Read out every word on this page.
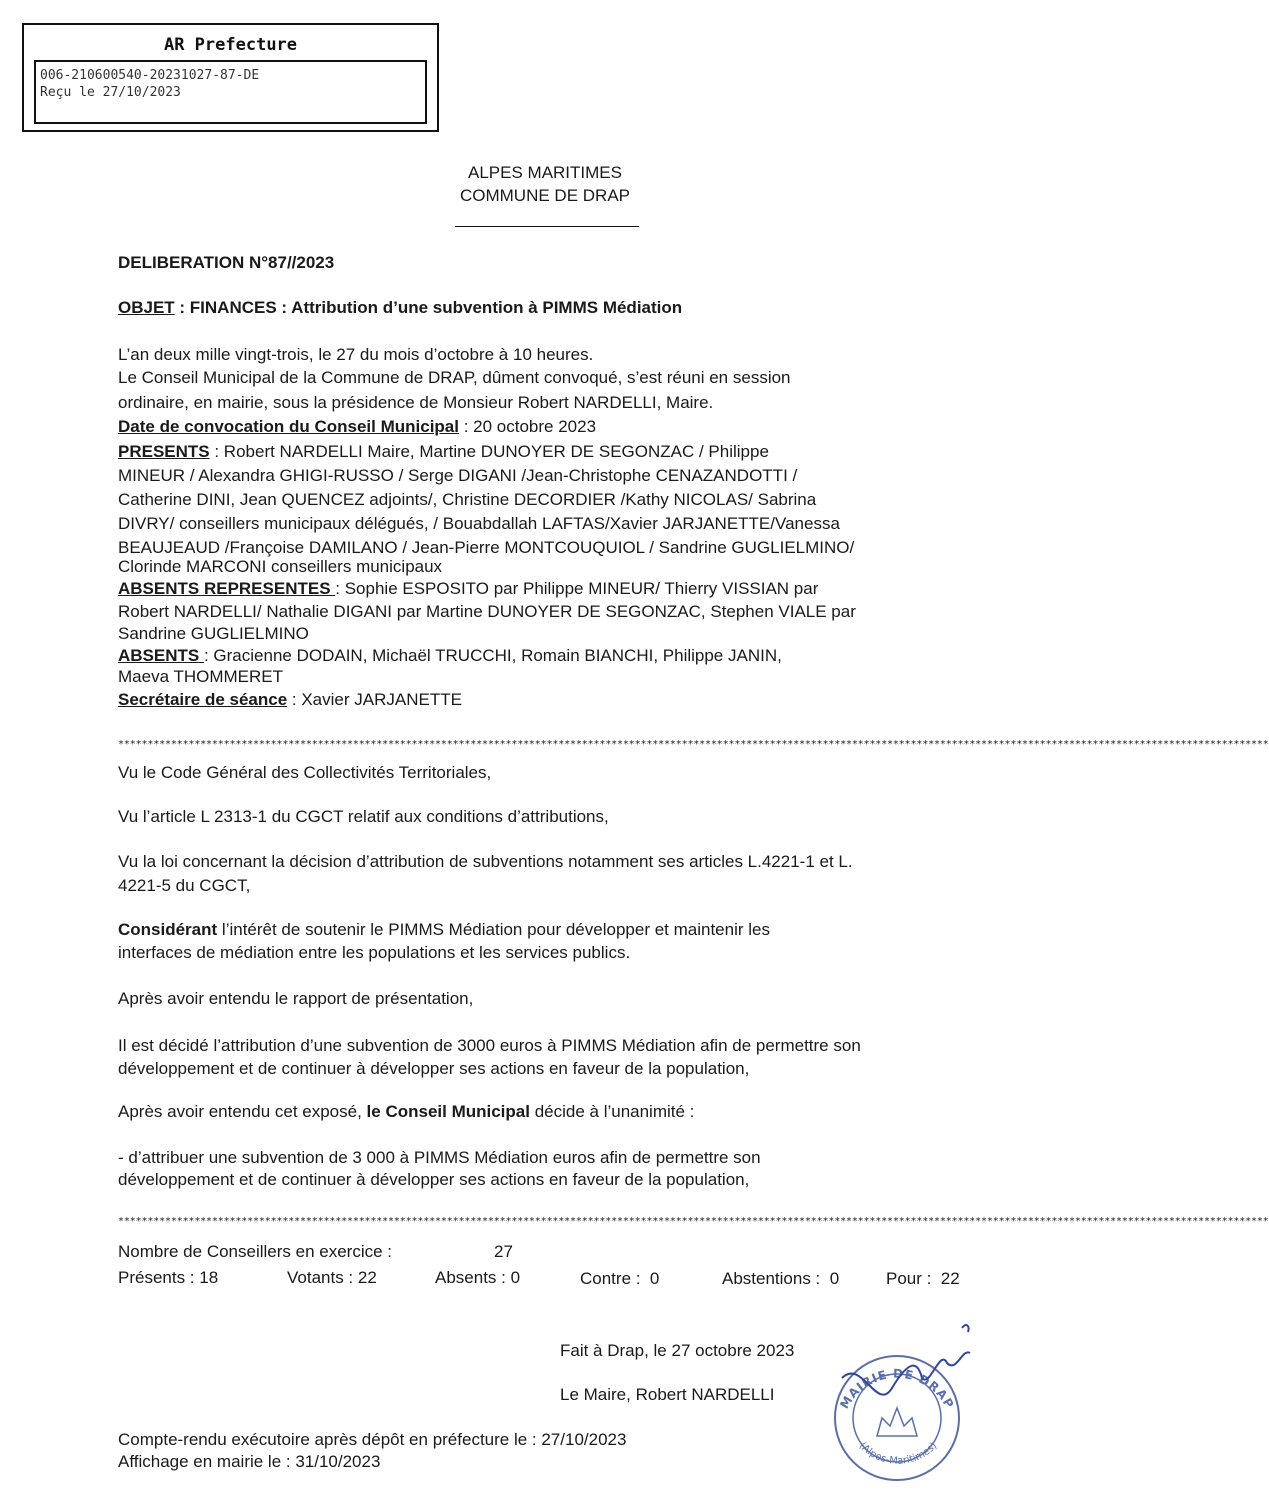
AR Prefecture
006-210600540-20231027-87-DE
Reçu le 27/10/2023
ALPES MARITIMES
COMMUNE DE DRAP
DELIBERATION N°87//2023
OBJET : FINANCES : Attribution d’une subvention à PIMMS Médiation
L’an deux mille vingt-trois, le 27 du mois d’octobre à 10 heures.
Le Conseil Municipal de la Commune de DRAP, dûment convoqué, s’est réuni en session
ordinaire, en mairie, sous la présidence de Monsieur Robert NARDELLI, Maire.
Date de convocation du Conseil Municipal : 20 octobre 2023
PRESENTS : Robert NARDELLI Maire, Martine DUNOYER DE SEGONZAC / Philippe
MINEUR / Alexandra GHIGI-RUSSO / Serge DIGANI /Jean-Christophe CENAZANDOTTI /
Catherine DINI, Jean QUENCEZ adjoints/, Christine DECORDIER /Kathy NICOLAS/ Sabrina
DIVRY/ conseillers municipaux délégués, / Bouabdallah LAFTAS/Xavier JARJANETTE/Vanessa
BEAUJEAUD /Françoise DAMILANO / Jean-Pierre MONTCOUQUIOL / Sandrine GUGLIELMINO/
Clorinde MARCONI conseillers municipaux
ABSENTS REPRESENTES : Sophie ESPOSITO par Philippe MINEUR/ Thierry VISSIAN par
Robert NARDELLI/ Nathalie DIGANI par Martine DUNOYER DE SEGONZAC, Stephen VIALE par
Sandrine GUGLIELMINO
ABSENTS : Gracienne DODAIN, Michaël TRUCCHI, Romain BIANCHI, Philippe JANIN,
Maeva THOMMERET
Secrétaire de séance : Xavier JARJANETTE
****************************************************************************************************************************************************************************************************
Vu le Code Général des Collectivités Territoriales,
Vu l’article L 2313-1 du CGCT relatif aux conditions d’attributions,
Vu la loi concernant la décision d’attribution de subventions notamment ses articles L.4221-1 et L.
4221-5 du CGCT,
Considérant l’intérêt de soutenir le PIMMS Médiation pour développer et maintenir les
interfaces de médiation entre les populations et les services publics.
Après avoir entendu le rapport de présentation,
Il est décidé l’attribution d’une subvention de 3000 euros à PIMMS Médiation afin de permettre son
développement et de continuer à développer ses actions en faveur de la population,
Après avoir entendu cet exposé, le Conseil Municipal décide à l’unanimité :
- d’attribuer une subvention de 3 000 à PIMMS Médiation euros afin de permettre son
développement et de continuer à développer ses actions en faveur de la population,
****************************************************************************************************************************************************************************************************
Nombre de Conseillers en exercice :	27
Présents : 18	Votants : 22	Absents : 0	Contre :  0	Abstentions :  0	Pour :  22
Fait à Drap, le 27 octobre 2023
Le Maire, Robert NARDELLI	MAIRIE DE DRAP
(Alpes-Maritimes)
Compte-rendu exécutoire après dépôt en préfecture le : 27/10/2023
Affichage en mairie le : 31/10/2023
